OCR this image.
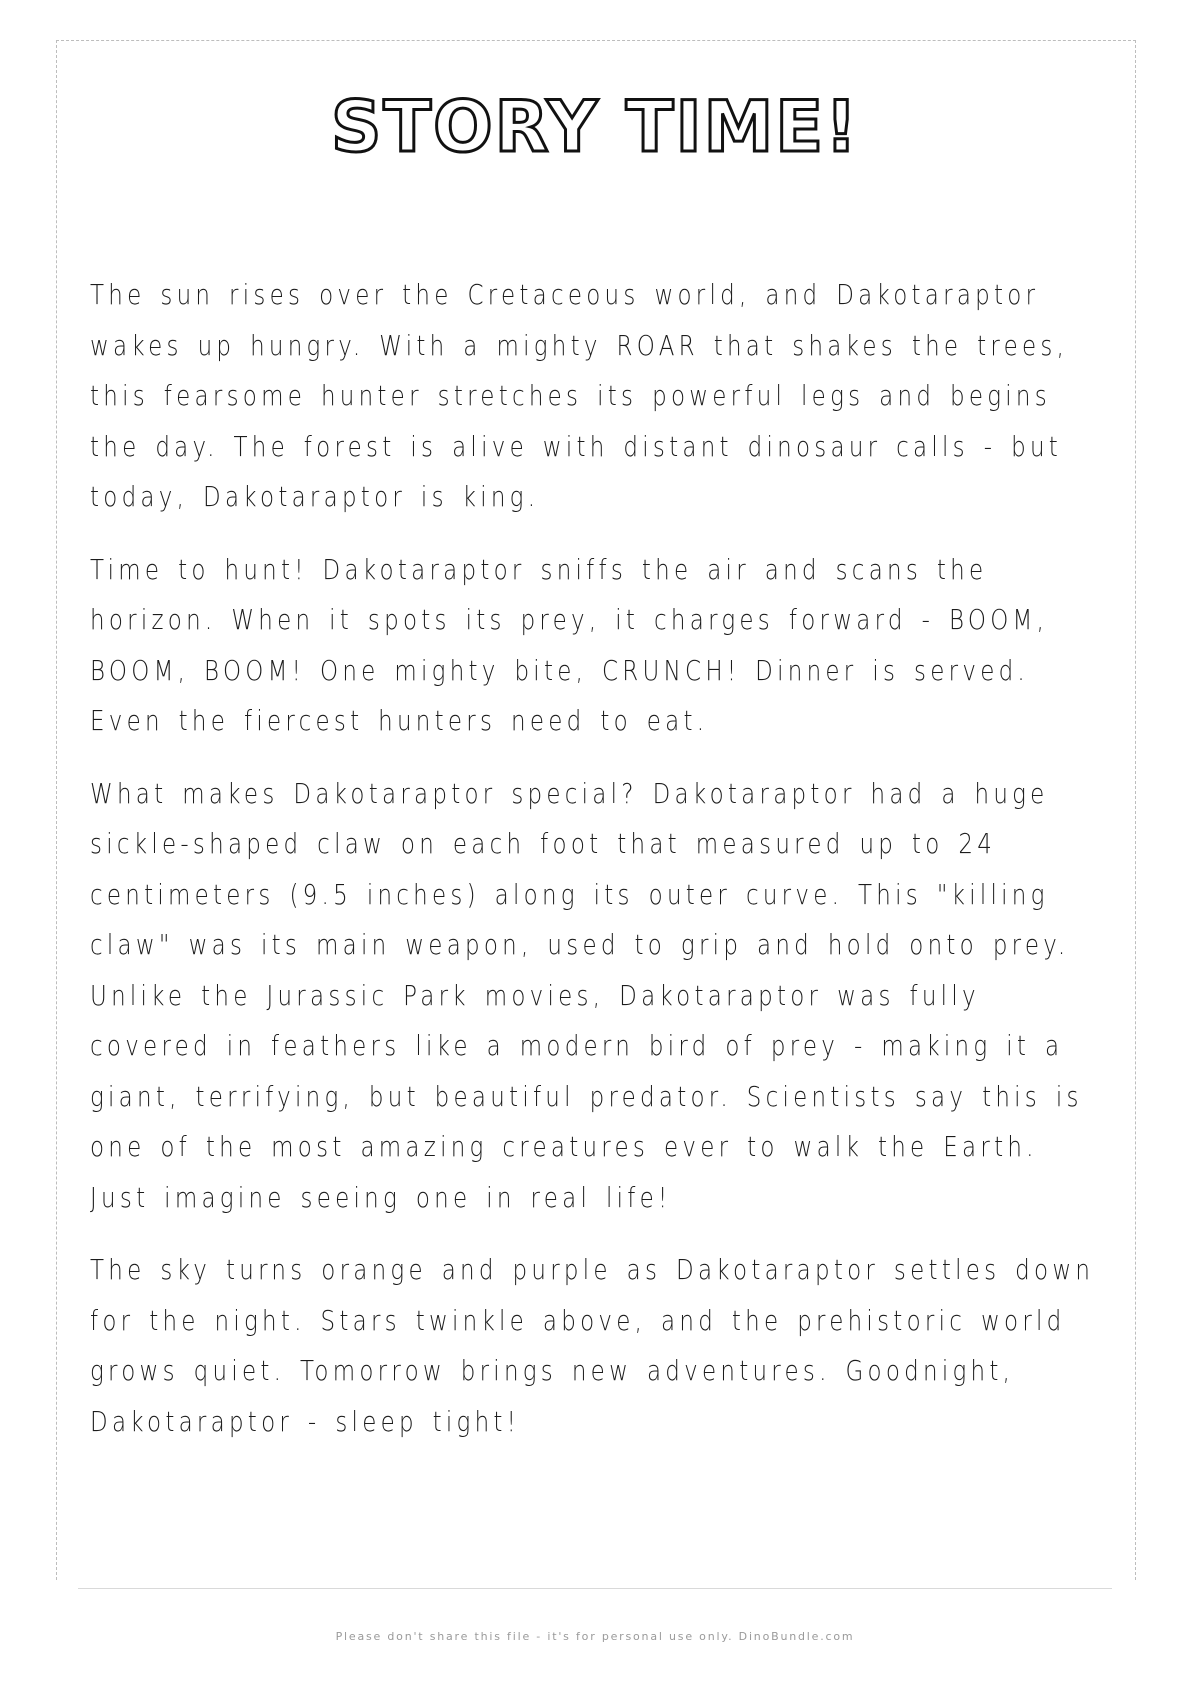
STORY TIME!

The sun rises over the Cretaceous world, and Dakotaraptor wakes up hungry. With a mighty ROAR that shakes the trees, this fearsome hunter stretches its powerful legs and begins the day. The forest is alive with distant dinosaur calls - but today, Dakotaraptor is king.

Time to hunt! Dakotaraptor sniffs the air and scans the horizon. When it spots its prey, it charges forward - BOOM, BOOM, BOOM! One mighty bite, CRUNCH! Dinner is served. Even the fiercest hunters need to eat.

What makes Dakotaraptor special? Dakotaraptor had a huge sickle-shaped claw on each foot that measured up to 24 centimeters (9.5 inches) along its outer curve. This "killing claw" was its main weapon, used to grip and hold onto prey. Unlike the Jurassic Park movies, Dakotaraptor was fully covered in feathers like a modern bird of prey - making it a giant, terrifying, but beautiful predator. Scientists say this is one of the most amazing creatures ever to walk the Earth. Just imagine seeing one in real life!

The sky turns orange and purple as Dakotaraptor settles down for the night. Stars twinkle above, and the prehistoric world grows quiet. Tomorrow brings new adventures. Goodnight, Dakotaraptor - sleep tight!

Please don't share this file - it's for personal use only. DinoBundle.com
